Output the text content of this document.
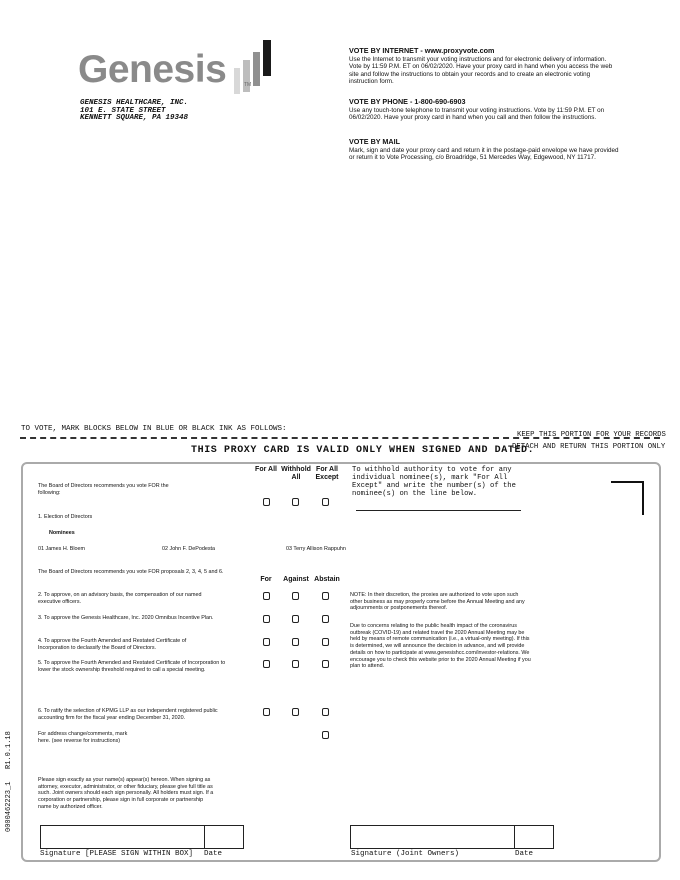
Genesis	TM
GENESIS HEALTHCARE, INC.
101 E. STATE STREET
KENNETT SQUARE, PA 19348
VOTE BY INTERNET - www.proxyvote.com

Use the Internet to transmit your voting instructions and for electronic delivery of information. Vote by 11:59 P.M. ET on 06/02/2020. Have your proxy card in hand when you access the web site and follow the instructions to obtain your records and to create an electronic voting instruction form.

VOTE BY PHONE - 1-800-690-6903

Use any touch-tone telephone to transmit your voting instructions. Vote by 11:59 P.M. ET on 06/02/2020. Have your proxy card in hand when you call and then follow the instructions.

VOTE BY MAIL

Mark, sign and date your proxy card and return it in the postage-paid envelope we have provided or return it to Vote Processing, c/o Broadridge, 51 Mercedes Way, Edgewood, NY 11717.

TO VOTE, MARK BLOCKS BELOW IN BLUE OR BLACK INK AS FOLLOWS:
KEEP THIS PORTION FOR YOUR RECORDS
THIS PROXY CARD IS VALID ONLY WHEN SIGNED AND DATED.
DETACH AND RETURN THIS PORTION ONLY
The Board of Directors recommends you vote FOR the following:
For All Withhold All
For All Except
To withhold authority to vote for any individual nominee(s), mark "For All Except" and write the number(s) of the nominee(s) on the line below.
1. Election of Directors
Nominees
01 James H. Bloem	02 John F. DePodesta	03 Terry Allison Rappuhn
The Board of Directors recommends you vote FOR proposals 2, 3, 4, 5 and 6.
For	Against Abstain
2. To approve, on an advisory basis, the compensation of our named executive officers.
3. To approve the Genesis Healthcare, Inc. 2020 Omnibus Incentive Plan.
4. To approve the Fourth Amended and Restated Certificate of Incorporation to declassify the Board of Directors.
5. To approve the Fourth Amended and Restated Certificate of Incorporation to lower the stock ownership threshold required to call a special meeting.
6. To ratify the selection of KPMG LLP as our independent registered public accounting firm for the fiscal year ending December 31, 2020.
NOTE: In their discretion, the proxies are authorized to vote upon such other business as may properly come before the Annual Meeting and any adjournments or postponements thereof.
Due to concerns relating to the public health impact of the coronavirus outbreak (COVID-19) and related travel the 2020 Annual Meeting may be held by means of remote communication (i.e., a virtual-only meeting). If this is determined, we will announce the decision in advance, and will provide details on how to participate at www.genesishcc.com/investor-relations. We encourage you to check this website prior to the 2020 Annual Meeting if you plan to attend.
For address change/comments, mark here. (see reverse for instructions)
0000462223_1   R1.0.1.18	Please sign exactly as your name(s) appear(s) hereon. When signing as attorney, executor, administrator, or other fiduciary, please give full title as such. Joint owners should each sign personally. All holders must sign. If a corporation or partnership, please sign in full corporate or partnership name by authorized officer.
Signature [PLEASE SIGN WITHIN BOX] Date	Signature (Joint Owners)	Date
